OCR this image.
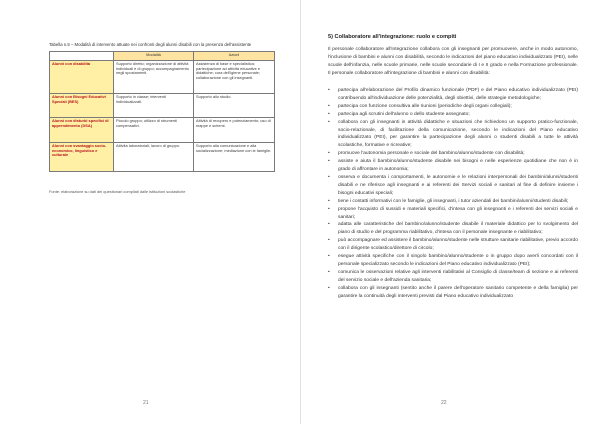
Tabella n.5 – Modalità di intervento attuate nei confronti degli alunni disabili con la presenza dell'assistente
	Modalità	Azioni
Alunni con disabilità	Supporto diretto; organizzazione di attività individuali e di gruppo; accompagnamento negli spostamenti.	Assistenza di base e specialistica; partecipazione ad attività educative e didattiche; cura dell'igiene personale; collaborazione con gli insegnanti.
Alunni con Bisogni Educativi Speciali (BES)	Supporto in classe; interventi individualizzati.	Supporto allo studio.
Alunni con disturbi specifici di apprendimento (DSA)	Piccolo gruppo; utilizzo di strumenti compensativi.	Attività di recupero e potenziamento; uso di mappe e schemi.
Alunni con svantaggio socio-economico, linguistico e culturale	Attività laboratoriali; lavoro di gruppo.	Supporto alla comunicazione e alla socializzazione; mediazione con le famiglie.
Fonte: elaborazione su dati dei questionari compilati dalle istituzioni scolastiche
21
5) Collaboratore all'integrazione: ruolo e compiti

Il personale collaboratore all'integrazione collabora con gli insegnanti per promuovere, anche in modo autonomo, l'inclusione di bambini e alunni con disabilità, secondo le indicazioni del piano educativo individualizzato (PEI), nelle scuole dell'infanzia, nelle scuole primarie, nelle scuole secondarie di I e II grado e nella Formazione professionale. Il personale collaboratore all'integrazione di bambini e alunni con disabilità:

• partecipa all'elaborazione del Profilo dinamico funzionale (PDF) e del Piano educativo individualizzato (PEI) contribuendo all'individuazione delle potenzialità, degli obiettivi, delle strategie metodologiche;
• partecipa con funzione consultiva alle riunioni (periodiche degli organi collegiali);
• partecipa agli scrutini dell'alunno o dello studente assegnato;
• collabora con gli insegnanti in attività didattiche e situazioni che richiedono un supporto pratico-funzionale, socio-relazionale, di facilitazione della comunicazione, secondo le indicazioni del Piano educativo individualizzato (PEI), per garantire la partecipazione degli alunni o studenti disabili a tutte le attività scolastiche, formative e ricreative;
• promuove l'autonomia personale e sociale del bambino/alunno/studente con disabilità;
• assiste e aiuta il bambino/alunno/studente disabile nei bisogni e nelle esperienze quotidiane che non è in grado di affrontare in autonomia;
• osserva e documenta i comportamenti, le autonomie e le relazioni interpersonali dei bambini/alunni/studenti disabili e ne riferisce agli insegnanti e ai referenti dei Servizi sociali e sanitari al fine di definire insieme i bisogni educativi speciali;
• tiene i contatti informativi con le famiglie, gli insegnanti, i tutor aziendali dei bambini/alunni/studenti disabili;
• propone l'acquisto di sussidi e materiali specifici, d'intesa con gli insegnanti e i referenti dei servizi sociali e sanitari;
• adatta alle caratteristiche del bambino/alunno/studente disabile il materiale didattico per lo svolgimento del piano di studio e del programma riabilitativo, d'intesa con il personale insegnante e riabilitativo;
• può accompagnare ed assistere il bambino/alunno/studente nelle strutture sanitarie riabilitative, previo accordo con il dirigente scolastico/direttore di circolo;
• esegue attività specifiche con il singolo bambino/alunno/studente o in gruppo dopo averli concordati con il personale specializzato secondo le indicazioni del Piano educativo individualizzato (PEI);
• comunica le osservazioni relative agli interventi riabilitativi al Consiglio di classe/team di sezione e ai referenti del servizio sociale e dell'azienda sanitaria;
• collabora con gli insegnanti (sentito anche il parere dell'operatore sanitario competente e della famiglia) per garantire la continuità degli interventi previsti dal Piano educativo individualizzato
22
